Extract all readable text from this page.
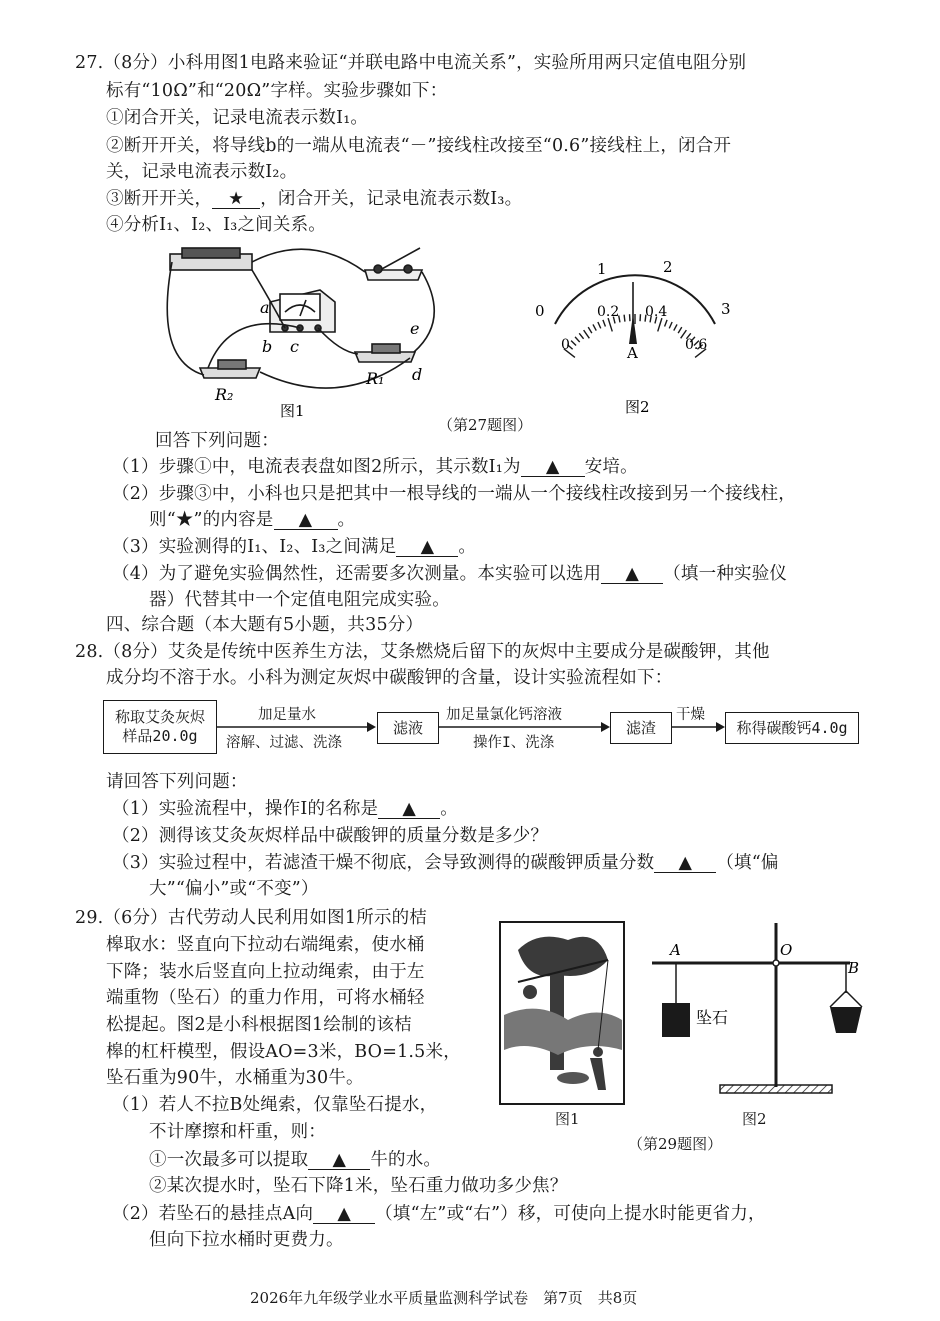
27.（8分）小科用图1电路来验证“并联电路中电流关系”，实验所用两只定值电阻分别
标有“10Ω”和“20Ω”字样。实验步骤如下：
①闭合开关，记录电流表示数I₁。
②断开开关，将导线b的一端从电流表“－”接线柱改接至“0.6”接线柱上，闭合开
关，记录电流表示数I₂。
③断开开关， ★ ，闭合开关，记录电流表示数I₃。
④分析I₁、I₂、I₃之间关系。
a
b c
d
e
R₁
R₂
图1
0
1	2
3
0
0.2 0.4
0.6
A
图2
（第27题图）
回答下列问题：
（1）步骤①中，电流表表盘如图2所示，其示数I₁为 ▲ 安培。
（2）步骤③中，小科也只是把其中一根导线的一端从一个接线柱改接到另一个接线柱，
则“★”的内容是 ▲ 。
（3）实验测得的I₁、I₂、I₃之间满足 ▲ 。
（4）为了避免实验偶然性，还需要多次测量。本实验可以选用 ▲ （填一种实验仪
器）代替其中一个定值电阻完成实验。
四、综合题（本大题有5小题，共35分）
28.（8分）艾灸是传统中医养生方法，艾条燃烧后留下的灰烬中主要成分是碳酸钾，其他
成分均不溶于水。小科为测定灰烬中碳酸钾的含量，设计实验流程如下：
称取艾灸灰烬
样品20.0g
加足量水
溶解、过滤、洗涤
滤液
加足量氯化钙溶液
操作I、洗涤
滤渣
干燥
称得碳酸钙4.0g
请回答下列问题：
（1）实验流程中，操作I的名称是 ▲ 。
（2）测得该艾灸灰烬样品中碳酸钾的质量分数是多少？
（3）实验过程中，若滤渣干燥不彻底，会导致测得的碳酸钾质量分数 ▲ （填“偏
大”“偏小”或“不变”）
29.（6分）古代劳动人民利用如图1所示的桔
槔取水：竖直向下拉动右端绳索，使水桶
下降；装水后竖直向上拉动绳索，由于左
端重物（坠石）的重力作用，可将水桶轻
松提起。图2是小科根据图1绘制的该桔
槔的杠杆模型，假设AO=3米，BO=1.5米，
坠石重为90牛，水桶重为30牛。
（1）若人不拉B处绳索，仅靠坠石提水，
不计摩擦和杆重，则：
图1
A	O
B
坠石
图2
（第29题图）
①一次最多可以提取 ▲ 牛的水。
②某次提水时，坠石下降1米，坠石重力做功多少焦？
（2）若坠石的悬挂点A向 ▲ （填“左”或“右”）移，可使向上提水时能更省力，
但向下拉水桶时更费力。
2026年九年级学业水平质量监测科学试卷　第7页　共8页
